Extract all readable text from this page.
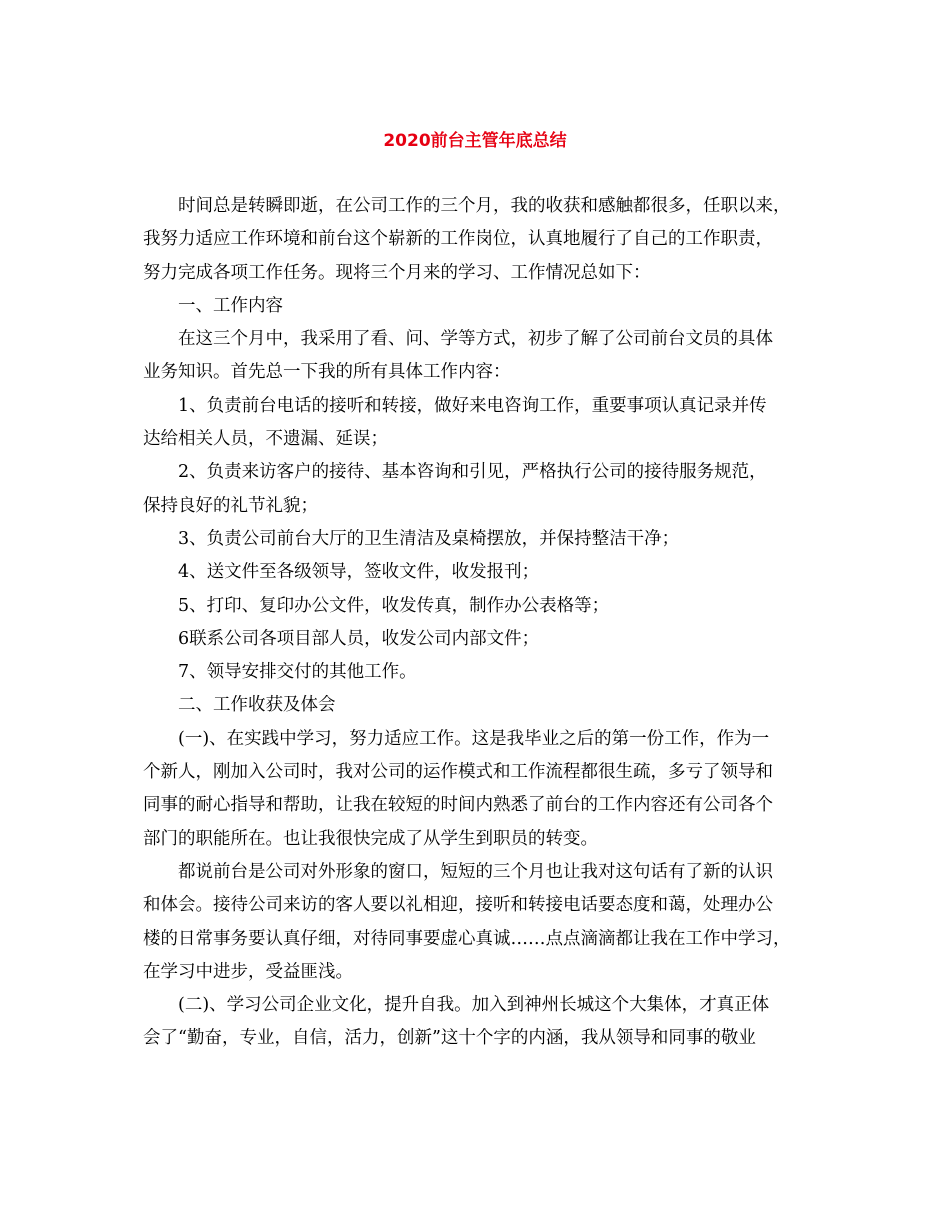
2020前台主管年底总结
时间总是转瞬即逝，在公司工作的三个月，我的收获和感触都很多，任职以来，
我努力适应工作环境和前台这个崭新的工作岗位，认真地履行了自己的工作职责，
努力完成各项工作任务。现将三个月来的学习、工作情况总如下：
一、工作内容
在这三个月中，我采用了看、问、学等方式，初步了解了公司前台文员的具体
业务知识。首先总一下我的所有具体工作内容：
1、负责前台电话的接听和转接，做好来电咨询工作，重要事项认真记录并传
达给相关人员，不遗漏、延误；
2、负责来访客户的接待、基本咨询和引见，严格执行公司的接待服务规范，
保持良好的礼节礼貌；
3、负责公司前台大厅的卫生清洁及桌椅摆放，并保持整洁干净；
4、送文件至各级领导，签收文件，收发报刊；
5、打印、复印办公文件，收发传真，制作办公表格等；
6联系公司各项目部人员，收发公司内部文件；
7、领导安排交付的其他工作。
二、工作收获及体会
(一)、在实践中学习，努力适应工作。这是我毕业之后的第一份工作，作为一
个新人，刚加入公司时，我对公司的运作模式和工作流程都很生疏，多亏了领导和
同事的耐心指导和帮助，让我在较短的时间内熟悉了前台的工作内容还有公司各个
部门的职能所在。也让我很快完成了从学生到职员的转变。
都说前台是公司对外形象的窗口，短短的三个月也让我对这句话有了新的认识
和体会。接待公司来访的客人要以礼相迎，接听和转接电话要态度和蔼，处理办公
楼的日常事务要认真仔细，对待同事要虚心真诚……点点滴滴都让我在工作中学习，
在学习中进步，受益匪浅。
(二)、学习公司企业文化，提升自我。加入到神州长城这个大集体，才真正体
会了“勤奋，专业，自信，活力，创新”这十个字的内涵，我从领导和同事的敬业
